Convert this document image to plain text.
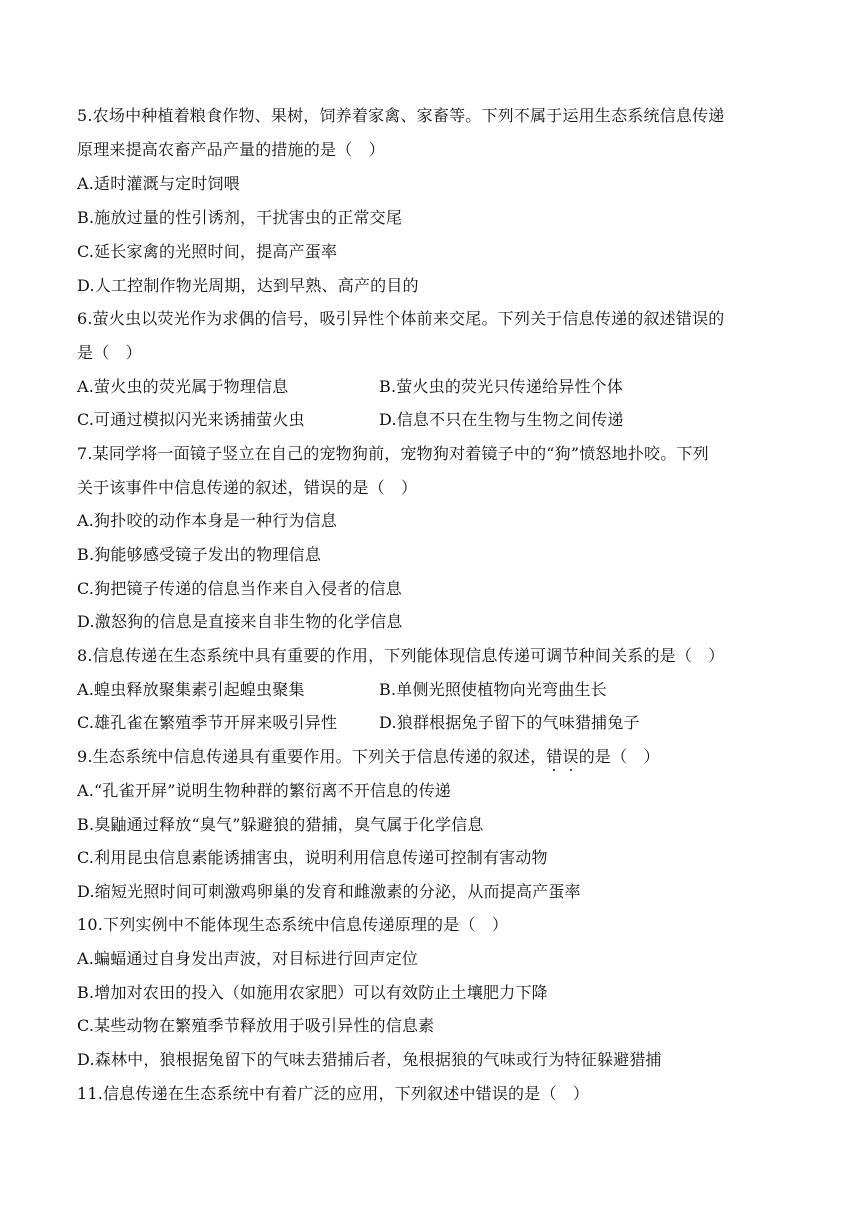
5.农场中种植着粮食作物、果树，饲养着家禽、家畜等。下列不属于运用生态系统信息传递
原理来提高农畜产品产量的措施的是（　）
A.适时灌溉与定时饲喂
B.施放过量的性引诱剂，干扰害虫的正常交尾
C.延长家禽的光照时间，提高产蛋率
D.人工控制作物光周期，达到早熟、高产的目的
6.萤火虫以荧光作为求偶的信号，吸引异性个体前来交尾。下列关于信息传递的叙述错误的
是（　）
A.萤火虫的荧光属于物理信息	B.萤火虫的荧光只传递给异性个体
C.可通过模拟闪光来诱捕萤火虫	D.信息不只在生物与生物之间传递
7.某同学将一面镜子竖立在自己的宠物狗前，宠物狗对着镜子中的“狗”愤怒地扑咬。下列
关于该事件中信息传递的叙述，错误的是（　）
A.狗扑咬的动作本身是一种行为信息
B.狗能够感受镜子发出的物理信息
C.狗把镜子传递的信息当作来自入侵者的信息
D.激怒狗的信息是直接来自非生物的化学信息
8.信息传递在生态系统中具有重要的作用，下列能体现信息传递可调节种间关系的是（　）
A.蝗虫释放聚集素引起蝗虫聚集	B.单侧光照使植物向光弯曲生长
C.雄孔雀在繁殖季节开屏来吸引异性	D.狼群根据兔子留下的气味猎捕兔子
9.生态系统中信息传递具有重要作用。下列关于信息传递的叙述，错误的是（　）
A.“孔雀开屏”说明生物种群的繁衍离不开信息的传递
B.臭鼬通过释放“臭气”躲避狼的猎捕，臭气属于化学信息
C.利用昆虫信息素能诱捕害虫，说明利用信息传递可控制有害动物
D.缩短光照时间可刺激鸡卵巢的发育和雌激素的分泌，从而提高产蛋率
10.下列实例中不能体现生态系统中信息传递原理的是（　）
A.蝙蝠通过自身发出声波，对目标进行回声定位
B.增加对农田的投入（如施用农家肥）可以有效防止土壤肥力下降
C.某些动物在繁殖季节释放用于吸引异性的信息素
D.森林中，狼根据兔留下的气味去猎捕后者，兔根据狼的气味或行为特征躲避猎捕
11.信息传递在生态系统中有着广泛的应用，下列叙述中错误的是（　）
